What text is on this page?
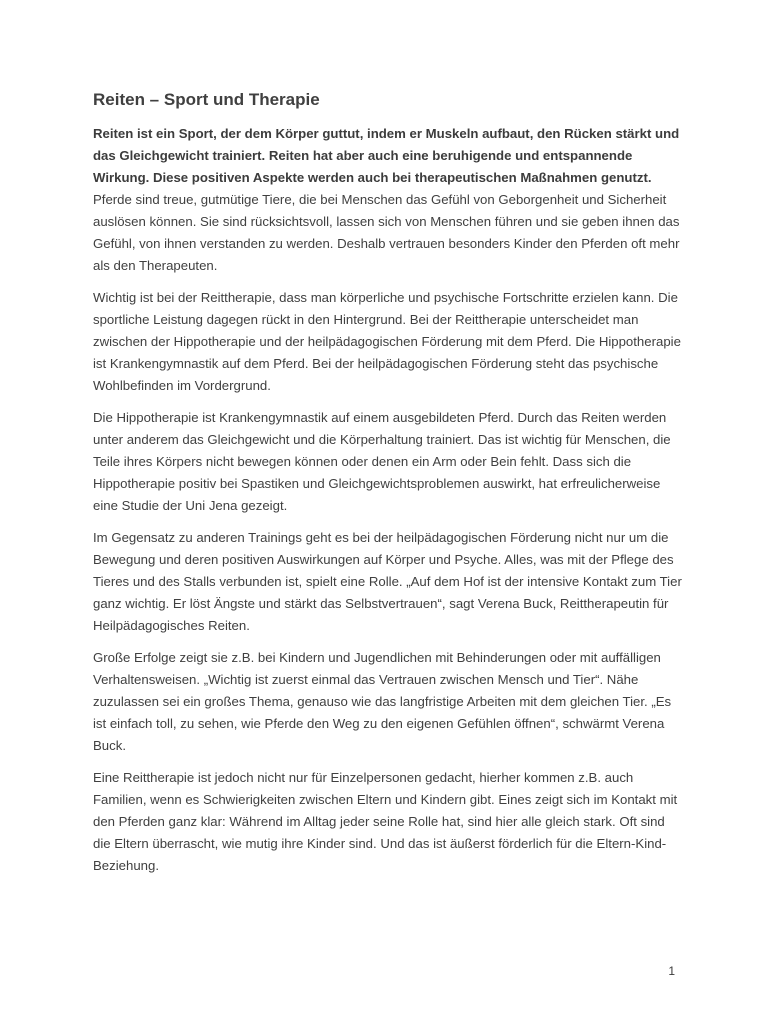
Reiten – Sport und Therapie

Reiten ist ein Sport, der dem Körper guttut, indem er Muskeln aufbaut, den Rücken stärkt und das Gleichgewicht trainiert. Reiten hat aber auch eine beruhigende und entspannende Wirkung. Diese positiven Aspekte werden auch bei therapeutischen Maßnahmen genutzt.

Pferde sind treue, gutmütige Tiere, die bei Menschen das Gefühl von Geborgenheit und Sicherheit auslösen können. Sie sind rücksichtsvoll, lassen sich von Menschen führen und sie geben ihnen das Gefühl, von ihnen verstanden zu werden. Deshalb vertrauen besonders Kinder den Pferden oft mehr als den Therapeuten.

Wichtig ist bei der Reittherapie, dass man körperliche und psychische Fortschritte erzielen kann. Die sportliche Leistung dagegen rückt in den Hintergrund. Bei der Reittherapie unterscheidet man zwischen der Hippotherapie und der heilpädagogischen Förderung mit dem Pferd. Die Hippotherapie ist Krankengymnastik auf dem Pferd. Bei der heilpädagogischen Förderung steht das psychische Wohlbefinden im Vordergrund.

Die Hippotherapie ist Krankengymnastik auf einem ausgebildeten Pferd. Durch das Reiten werden unter anderem das Gleichgewicht und die Körperhaltung trainiert. Das ist wichtig für Menschen, die Teile ihres Körpers nicht bewegen können oder denen ein Arm oder Bein fehlt. Dass sich die Hippotherapie positiv bei Spastiken und Gleichgewichtsproblemen auswirkt, hat erfreulicherweise eine Studie der Uni Jena gezeigt.

Im Gegensatz zu anderen Trainings geht es bei der heilpädagogischen Förderung nicht nur um die Bewegung und deren positiven Auswirkungen auf Körper und Psyche. Alles, was mit der Pflege des Tieres und des Stalls verbunden ist, spielt eine Rolle. „Auf dem Hof ist der intensive Kontakt zum Tier ganz wichtig. Er löst Ängste und stärkt das Selbstvertrauen“, sagt Verena Buck, Reittherapeutin für Heilpädagogisches Reiten.

Große Erfolge zeigt sie z.B. bei Kindern und Jugendlichen mit Behinderungen oder mit auffälligen Verhaltensweisen. „Wichtig ist zuerst einmal das Vertrauen zwischen Mensch und Tier“. Nähe zuzulassen sei ein großes Thema, genauso wie das langfristige Arbeiten mit dem gleichen Tier. „Es ist einfach toll, zu sehen, wie Pferde den Weg zu den eigenen Gefühlen öffnen“, schwärmt Verena Buck.

Eine Reittherapie ist jedoch nicht nur für Einzelpersonen gedacht, hierher kommen z.B. auch Familien, wenn es Schwierigkeiten zwischen Eltern und Kindern gibt. Eines zeigt sich im Kontakt mit den Pferden ganz klar: Während im Alltag jeder seine Rolle hat, sind hier alle gleich stark. Oft sind die Eltern überrascht, wie mutig ihre Kinder sind. Und das ist äußerst förderlich für die Eltern-Kind-Beziehung.

1
